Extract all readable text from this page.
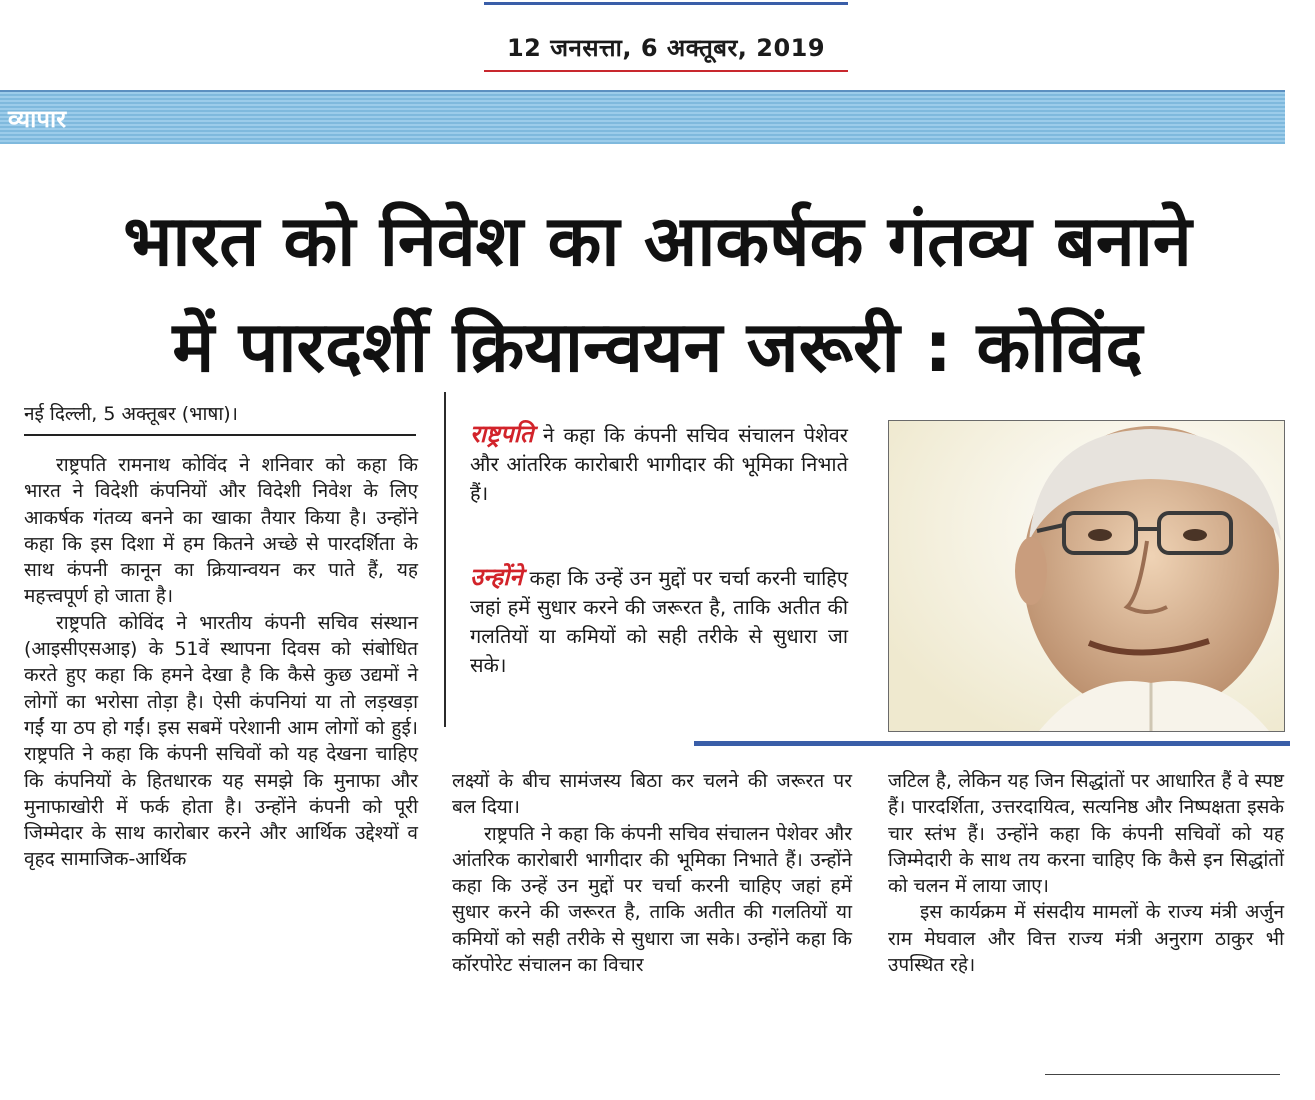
12 जनसत्ता, 6 अक्तूबर, 2019
व्यापार
भारत को निवेश का आकर्षक गंतव्य बनाने
में पारदर्शी क्रियान्वयन जरूरी : कोविंद
नई दिल्ली, 5 अक्तूबर (भाषा)।

राष्ट्रपति रामनाथ कोविंद ने शनिवार को कहा कि भारत ने विदेशी कंपनियों और विदेशी निवेश के लिए आकर्षक गंतव्य बनने का खाका तैयार किया है। उन्होंने कहा कि इस दिशा में हम कितने अच्छे से पारदर्शिता के साथ कंपनी कानून का क्रियान्वयन कर पाते हैं, यह महत्त्वपूर्ण हो जाता है।

राष्ट्रपति कोविंद ने भारतीय कंपनी सचिव संस्थान (आइसीएसआइ) के 51वें स्थापना दिवस को संबोधित करते हुए कहा कि हमने देखा है कि कैसे कुछ उद्यमों ने लोगों का भरोसा तोड़ा है। ऐसी कंपनियां या तो लड़खड़ा गईं या ठप हो गईं। इस सबमें परेशानी आम लोगों को हुई। राष्ट्रपति ने कहा कि कंपनी सचिवों को यह देखना चाहिए कि कंपनियों के हितधारक यह समझे कि मुनाफा और मुनाफाखोरी में फर्क होता है। उन्होंने कंपनी को पूरी जिम्मेदार के साथ कारोबार करने और आर्थिक उद्देश्यों व वृहद सामाजिक-आर्थिक

राष्ट्रपति ने कहा कि कंपनी सचिव संचालन पेशेवर और आंतरिक कारोबारी भागीदार की भूमिका निभाते हैं।
उन्होंने कहा कि उन्हें उन मुद्दों पर चर्चा करनी चाहिए जहां हमें सुधार करने की जरूरत है, ताकि अतीत की गलतियों या कमियों को सही तरीके से सुधारा जा सके।

लक्ष्यों के बीच सामंजस्य बिठा कर चलने की जरूरत पर बल दिया।

राष्ट्रपति ने कहा कि कंपनी सचिव संचालन पेशेवर और आंतरिक कारोबारी भागीदार की भूमिका निभाते हैं। उन्होंने कहा कि उन्हें उन मुद्दों पर चर्चा करनी चाहिए जहां हमें सुधार करने की जरूरत है, ताकि अतीत की गलतियों या कमियों को सही तरीके से सुधारा जा सके। उन्होंने कहा कि कॉरपोरेट संचालन का विचार

जटिल है, लेकिन यह जिन सिद्धांतों पर आधारित हैं वे स्पष्ट हैं। पारदर्शिता, उत्तरदायित्व, सत्यनिष्ठ और निष्पक्षता इसके चार स्तंभ हैं। उन्होंने कहा कि कंपनी सचिवों को यह जिम्मेदारी के साथ तय करना चाहिए कि कैसे इन सिद्धांतों को चलन में लाया जाए।

इस कार्यक्रम में संसदीय मामलों के राज्य मंत्री अर्जुन राम मेघवाल और वित्त राज्य मंत्री अनुराग ठाकुर भी उपस्थित रहे।
